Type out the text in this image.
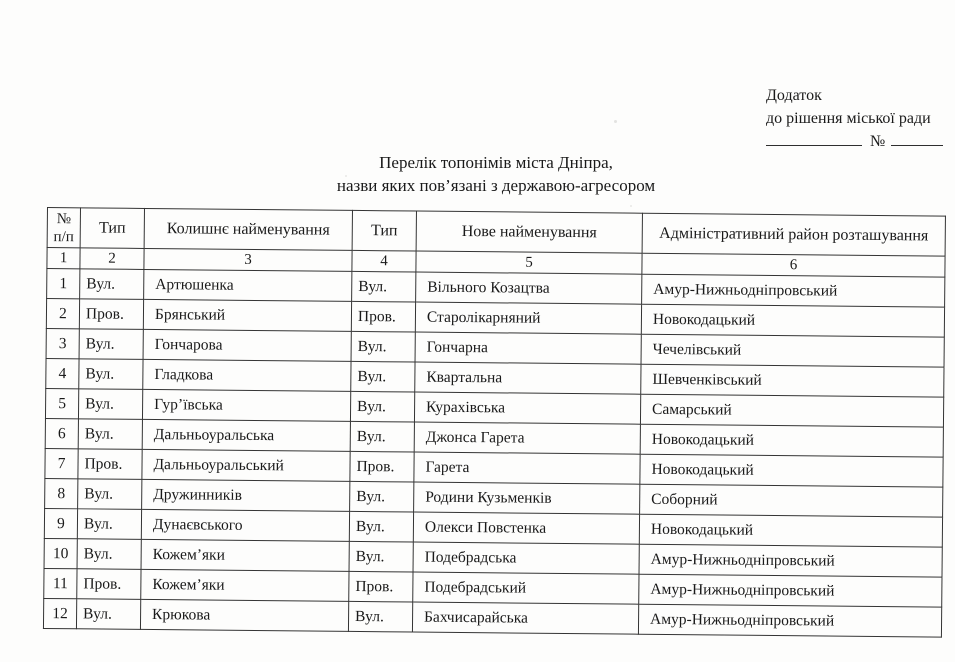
Додаток
до рішення міської ради
№
Перелік топонімів міста Дніпра,
назви яких пов’язані з державою-агресором
№
п/п	Тип	Колишнє найменування	Тип	Нове найменування	Адміністративний район розташування
1	2	3	4	5	6
1	Вул.	Артюшенка	Вул.	Вільного Козацтва	Амур-Нижньодніпровський
2	Пров.	Брянський	Пров.	Старолікарняний	Новокодацький
3	Вул.	Гончарова	Вул.	Гончарна	Чечелівський
4	Вул.	Гладкова	Вул.	Квартальна	Шевченківський
5	Вул.	Гур’ївська	Вул.	Курахівська	Самарський
6	Вул.	Дальньоуральська	Вул.	Джонса Гарета	Новокодацький
7	Пров.	Дальньоуральський	Пров.	Гарета	Новокодацький
8	Вул.	Дружинників	Вул.	Родини Кузьменків	Соборний
9	Вул.	Дунаєвського	Вул.	Олекси Повстенка	Новокодацький
10	Вул.	Кожем’яки	Вул.	Подебрадська	Амур-Нижньодніпровський
11	Пров.	Кожем’яки	Пров.	Подебрадський	Амур-Нижньодніпровський
12	Вул.	Крюкова	Вул.	Бахчисарайська	Амур-Нижньодніпровський
